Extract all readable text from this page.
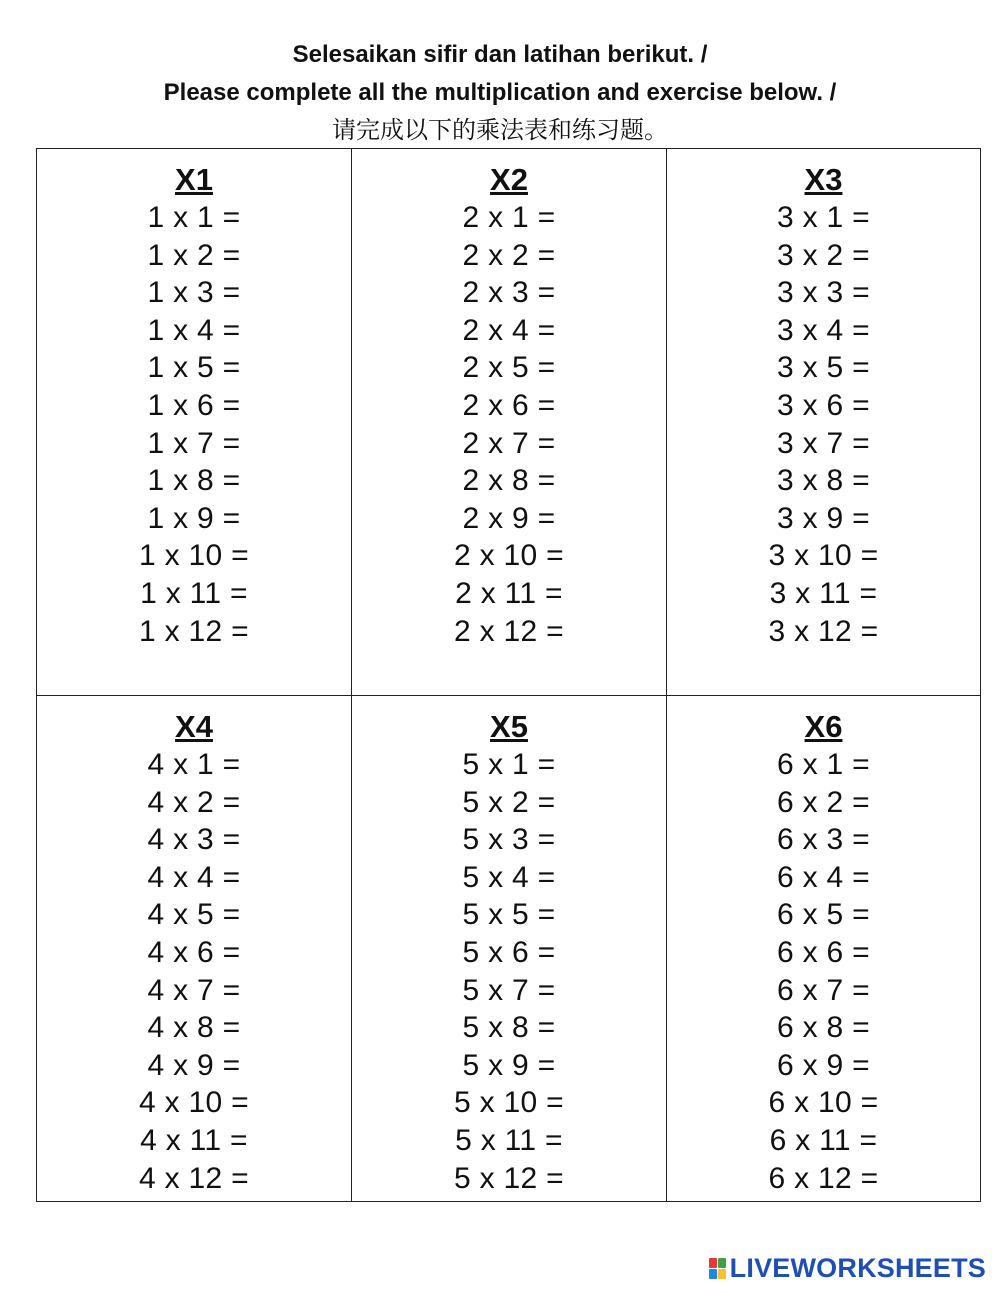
Selesaikan sifir dan latihan berikut. /
Please complete all the multiplication and exercise below. /
请完成以下的乘法表和练习题。
X1
1 x 1 =
1 x 2 =
1 x 3 =
1 x 4 =
1 x 5 =
1 x 6 =
1 x 7 =
1 x 8 =
1 x 9 =
1 x 10 =
1 x 11 =
1 x 12 =
X2
2 x 1 =
2 x 2 =
2 x 3 =
2 x 4 =
2 x 5 =
2 x 6 =
2 x 7 =
2 x 8 =
2 x 9 =
2 x 10 =
2 x 11 =
2 x 12 =
X3
3 x 1 =
3 x 2 =
3 x 3 =
3 x 4 =
3 x 5 =
3 x 6 =
3 x 7 =
3 x 8 =
3 x 9 =
3 x 10 =
3 x 11 =
3 x 12 =
X4
4 x 1 =
4 x 2 =
4 x 3 =
4 x 4 =
4 x 5 =
4 x 6 =
4 x 7 =
4 x 8 =
4 x 9 =
4 x 10 =
4 x 11 =
4 x 12 =
X5
5 x 1 =
5 x 2 =
5 x 3 =
5 x 4 =
5 x 5 =
5 x 6 =
5 x 7 =
5 x 8 =
5 x 9 =
5 x 10 =
5 x 11 =
5 x 12 =
X6
6 x 1 =
6 x 2 =
6 x 3 =
6 x 4 =
6 x 5 =
6 x 6 =
6 x 7 =
6 x 8 =
6 x 9 =
6 x 10 =
6 x 11 =
6 x 12 =
LIVEWORKSHEETS
